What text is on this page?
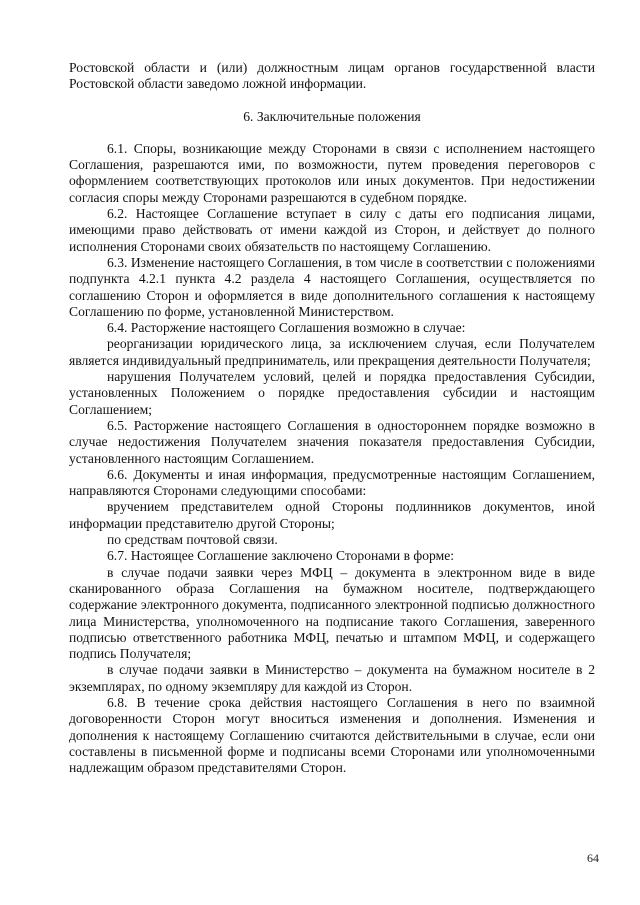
Ростовской области и (или) должностным лицам органов государственной власти Ростовской области заведомо ложной информации.

6. Заключительные положения

6.1. Споры, возникающие между Сторонами в связи с исполнением настоящего Соглашения, разрешаются ими, по возможности, путем проведения переговоров с оформлением соответствующих протоколов или иных документов. При недостижении согласия споры между Сторонами разрешаются в судебном порядке.

6.2. Настоящее Соглашение вступает в силу с даты его подписания лицами, имеющими право действовать от имени каждой из Сторон, и действует до полного исполнения Сторонами своих обязательств по настоящему Соглашению.

6.3. Изменение настоящего Соглашения, в том числе в соответствии с положениями подпункта 4.2.1 пункта 4.2 раздела 4 настоящего Соглашения, осуществляется по соглашению Сторон и оформляется в виде дополнительного соглашения к настоящему Соглашению по форме, установленной Министерством.

6.4. Расторжение настоящего Соглашения возможно в случае:

реорганизации юридического лица, за исключением случая, если Получателем является индивидуальный предприниматель, или прекращения деятельности Получателя;

нарушения Получателем условий, целей и порядка предоставления Субсидии, установленных Положением о порядке предоставления субсидии и настоящим Соглашением;

6.5. Расторжение настоящего Соглашения в одностороннем порядке возможно в случае недостижения Получателем значения показателя предоставления Субсидии, установленного настоящим Соглашением.

6.6. Документы и иная информация, предусмотренные настоящим Соглашением, направляются Сторонами следующими способами:

вручением представителем одной Стороны подлинников документов, иной информации представителю другой Стороны;

по средствам почтовой связи.

6.7. Настоящее Соглашение заключено Сторонами в форме:

в случае подачи заявки через МФЦ – документа в электронном виде в виде сканированного образа Соглашения на бумажном носителе, подтверждающего содержание электронного документа, подписанного электронной подписью должностного лица Министерства, уполномоченного на подписание такого Соглашения, заверенного подписью ответственного работника МФЦ, печатью и штампом МФЦ, и содержащего подпись Получателя;

в случае подачи заявки в Министерство – документа на бумажном носителе в 2 экземплярах, по одному экземпляру для каждой из Сторон.

6.8. В течение срока действия настоящего Соглашения в него по взаимной договоренности Сторон могут вноситься изменения и дополнения. Изменения и дополнения к настоящему Соглашению считаются действительными в случае, если они составлены в письменной форме и подписаны всеми Сторонами или уполномоченными надлежащим образом представителями Сторон.

64
